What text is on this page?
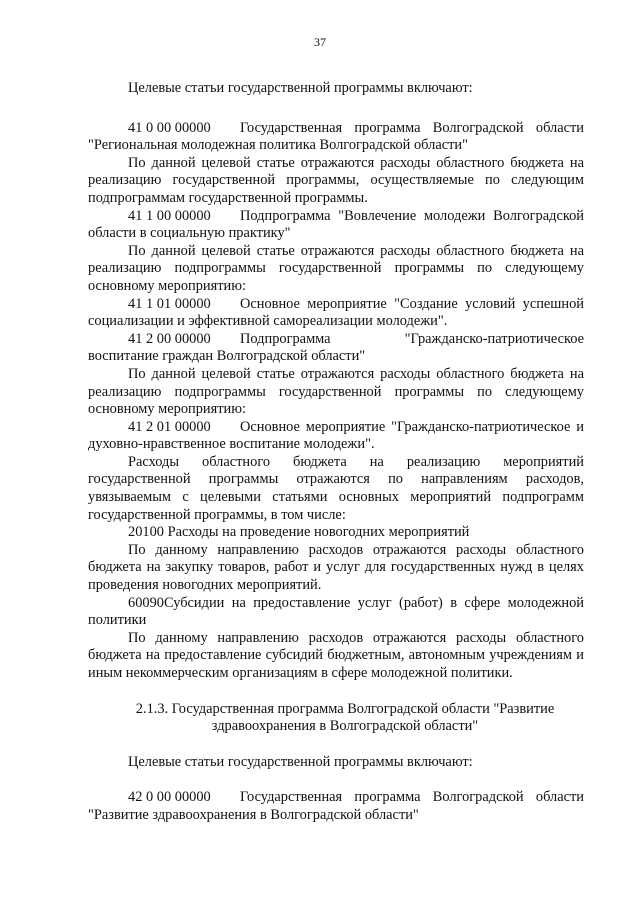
37

Целевые статьи государственной программы включают:

41 0 00 00000 Государственная программа Волгоградской области "Региональная молодежная политика Волгоградской области"

По данной целевой статье отражаются расходы областного бюджета на реализацию государственной программы, осуществляемые по следующим подпрограммам государственной программы.

41 1 00 00000 Подпрограмма "Вовлечение молодежи Волгоградской области в социальную практику"

По данной целевой статье отражаются расходы областного бюджета на реализацию подпрограммы государственной программы по следующему основному мероприятию:

41 1 01 00000 Основное мероприятие "Создание условий успешной социализации и эффективной самореализации молодежи".

41 2 00 00000 Подпрограмма "Гражданско-патриотическое воспитание граждан Волгоградской области"

По данной целевой статье отражаются расходы областного бюджета на реализацию подпрограммы государственной программы по следующему основному мероприятию:

41 2 01 00000 Основное мероприятие "Гражданско-патриотическое и духовно-нравственное воспитание молодежи".

Расходы областного бюджета на реализацию мероприятий государственной программы отражаются по направлениям расходов, увязываемым с целевыми статьями основных мероприятий подпрограмм государственной программы, в том числе:

20100 Расходы на проведение новогодних мероприятий

По данному направлению расходов отражаются расходы областного бюджета на закупку товаров, работ и услуг для государственных нужд в целях проведения новогодних мероприятий.

60090Субсидии на предоставление услуг (работ) в сфере молодежной политики

По данному направлению расходов отражаются расходы областного бюджета на предоставление субсидий бюджетным, автономным учреждениям и иным некоммерческим организациям в сфере молодежной политики.

2.1.3. Государственная программа Волгоградской области "Развитие здравоохранения в Волгоградской области"

Целевые статьи государственной программы включают:

42 0 00 00000 Государственная программа Волгоградской области "Развитие здравоохранения в Волгоградской области"
